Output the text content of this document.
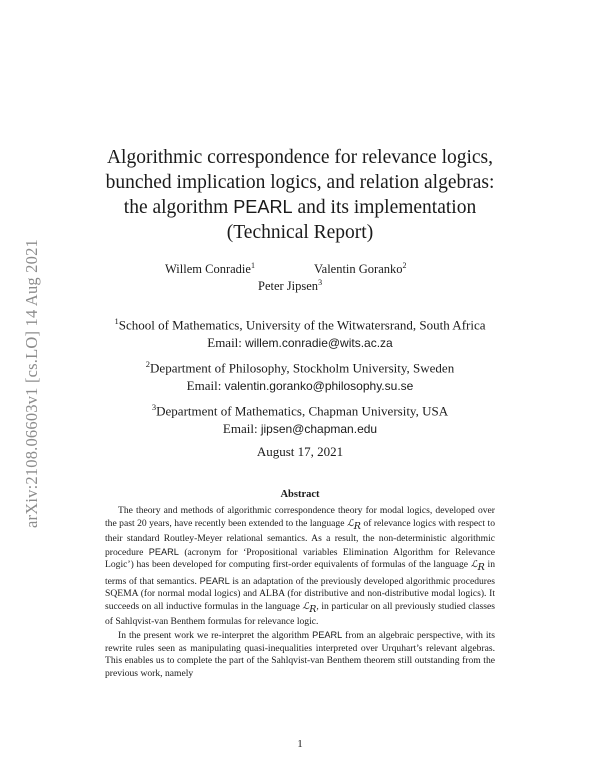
arXiv:2108.06603v1 [cs.LO] 14 Aug 2021
Algorithmic correspondence for relevance logics,
bunched implication logics, and relation algebras:
the algorithm PEARL and its implementation
(Technical Report)
Willem Conradie$^1$	Valentin Goranko$^2$
Peter Jipsen$^3$
$^1$School of Mathematics, University of the Witwatersrand, South Africa
Email: willem.conradie@wits.ac.za
$^2$Department of Philosophy, Stockholm University, Sweden
Email: valentin.goranko@philosophy.su.se
$^3$Department of Mathematics, Chapman University, USA
Email: jipsen@chapman.edu
August 17, 2021
Abstract

The theory and methods of algorithmic correspondence theory for modal logics, developed over the past 20 years, have recently been extended to the language ℒ$_R$ of relevance logics with respect to their standard Routley-Meyer relational semantics. As a result, the non-deterministic algorithmic procedure PEARL (acronym for ‘Propositional variables Elimination Algorithm for Relevance Logic’) has been developed for computing first-order equivalents of formulas of the language ℒ$_R$ in terms of that semantics. PEARL is an adaptation of the previously developed algorithmic procedures SQEMA (for normal modal logics) and ALBA (for distributive and non-distributive modal logics). It succeeds on all inductive formulas in the language ℒ$_R$, in particular on all previously studied classes of Sahlqvist-van Benthem formulas for relevance logic.

In the present work we re-interpret the algorithm PEARL from an algebraic perspective, with its rewrite rules seen as manipulating quasi-inequalities interpreted over Urquhart’s relevant algebras. This enables us to complete the part of the Sahlqvist-van Benthem theorem still outstanding from the previous work, namely

1
